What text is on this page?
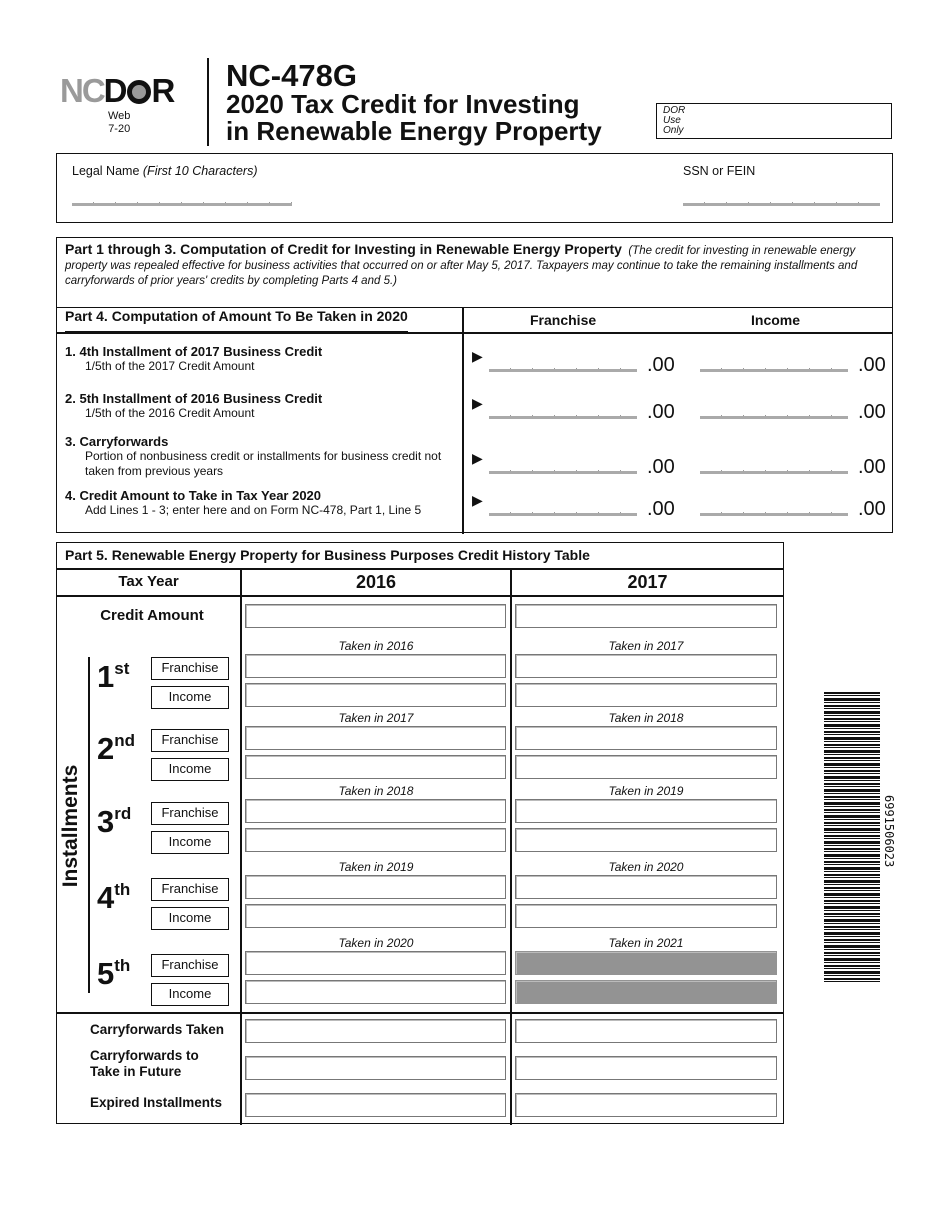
NCD R
Web
7-20
NC-478G
2020 Tax Credit for Investing
in Renewable Energy Property
DOR
Use
Only
Legal Name (First 10 Characters)	SSN or FEIN
Part 1 through 3. Computation of Credit for Investing in Renewable Energy Property (The credit for investing in renewable energy property was repealed effective for business activities that occurred on or after May 5, 2017. Taxpayers may continue to take the remaining installments and carryforwards of prior years' credits by completing Parts 4 and 5.)
Part 4. Computation of Amount To Be Taken in 2020	Franchise	Income
1. 4th Installment of 2017 Business Credit
1/5th of the 2017 Credit Amount
▶	.00	.00
2. 5th Installment of 2016 Business Credit
1/5th of the 2016 Credit Amount
▶	.00	.00
3. Carryforwards
Portion of nonbusiness credit or installments for business credit not taken from previous years
▶	.00	.00
4. Credit Amount to Take in Tax Year 2020
Add Lines 1 - 3; enter here and on Form NC-478, Part 1, Line 5
▶	.00	.00
Part 5. Renewable Energy Property for Business Purposes Credit History Table
Tax Year	2016	2017
Credit Amount
Installments
Taken in 2016	Taken in 2017
1st	Franchise
Income
Taken in 2017	Taken in 2018
2nd	Franchise
Income
Taken in 2018	Taken in 2019
3rd	Franchise
Income
Taken in 2019	Taken in 2020
4th	Franchise
Income
Taken in 2020	Taken in 2021
5th	Franchise
Income
Carryforwards Taken
Carryforwards to Take in Future
Expired Installments
6991506023
